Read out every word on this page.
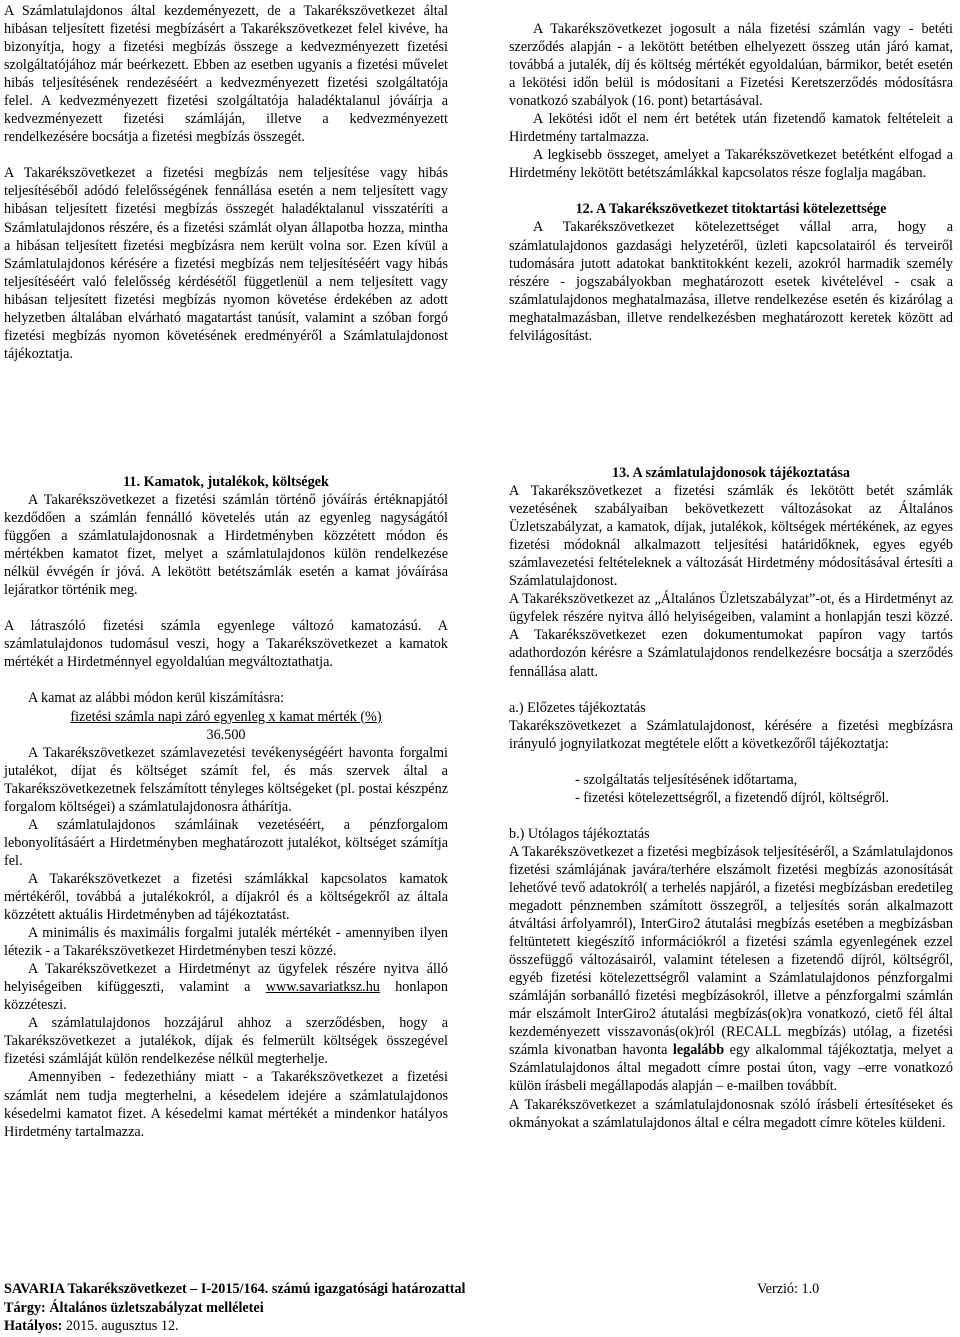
A Számlatulajdonos által kezdeményezett, de a Takarékszövetkezet által hibásan teljesített fizetési megbízásért a Takarékszövetkezet felel kivéve, ha bizonyítja, hogy a fizetési megbízás összege a kedvezményezett fizetési szolgáltatójához már beérkezett. Ebben az esetben ugyanis a fizetési művelet hibás teljesítésének rendezéséért a kedvezményezett fizetési szolgáltatója felel. A kedvezményezett fizetési szolgáltatója haladéktalanul jóváírja a kedvezményezett fizetési számláján, illetve a kedvezményezett rendelkezésére bocsátja a fizetési megbízás összegét.

A Takarékszövetkezet a fizetési megbízás nem teljesítése vagy hibás teljesítéséből adódó felelősségének fennállása esetén a nem teljesített vagy hibásan teljesített fizetési megbízás összegét haladéktalanul visszatéríti a Számlatulajdonos részére, és a fizetési számlát olyan állapotba hozza, mintha a hibásan teljesített fizetési megbízásra nem került volna sor. Ezen kívül a Számlatulajdonos kérésére a fizetési megbízás nem teljesítéséért vagy hibás teljesítéséért való felelősség kérdésétől függetlenül a nem teljesített vagy hibásan teljesített fizetési megbízás nyomon követése érdekében az adott helyzetben általában elvárható magatartást tanúsít, valamint a szóban forgó fizetési megbízás nyomon követésének eredményéről a Számlatulajdonost tájékoztatja.

A Takarékszövetkezet jogosult a nála fizetési számlán vagy - betéti szerződés alapján - a lekötött betétben elhelyezett összeg után járó kamat, továbbá a jutalék, díj és költség mértékét egyoldalúan, bármikor, betét esetén a lekötési időn belül is módosítani a Fizetési Keretszerződés módosításra vonatkozó szabályok (16. pont) betartásával.

A lekötési időt el nem ért betétek után fizetendő kamatok feltételeit a Hirdetmény tartalmazza.

A legkisebb összeget, amelyet a Takarékszövetkezet betétként elfogad a Hirdetmény lekötött betétszámlákkal kapcsolatos része foglalja magában.

12. A Takarékszövetkezet titoktartási kötelezettsége

A Takarékszövetkezet kötelezettséget vállal arra, hogy a számlatulajdonos gazdasági helyzetéről, üzleti kapcsolatairól és terveiről tudomására jutott adatokat banktitokként kezeli, azokról harmadik személy részére - jogszabályokban meghatározott esetek kivételével - csak a számlatulajdonos meghatalmazása, illetve rendelkezése esetén és kizárólag a meghatalmazásban, illetve rendelkezésben meghatározott keretek között ad felvilágosítást.

11. Kamatok, jutalékok, költségek

A Takarékszövetkezet a fizetési számlán történő jóváírás értéknapjától kezdődően a számlán fennálló követelés után az egyenleg nagyságától függően a számlatulajdonosnak a Hirdetményben közzétett módon és mértékben kamatot fizet, melyet a számlatulajdonos külön rendelkezése nélkül évvégén ír jóvá. A lekötött betétszámlák esetén a kamat jóváírása lejáratkor történik meg.

A látraszóló fizetési számla egyenlege változó kamatozású. A számlatulajdonos tudomásul veszi, hogy a Takarékszövetkezet a kamatok mértékét a Hirdetménnyel egyoldalúan megváltoztathatja.

A kamat az alábbi módon kerül kiszámításra:

fizetési számla napi záró egyenleg x kamat mérték (%)

36.500

A Takarékszövetkezet számlavezetési tevékenységéért havonta forgalmi jutalékot, díjat és költséget számít fel, és más szervek által a Takarékszövetkezetnek felszámított tényleges költségeket (pl. postai készpénz forgalom költségei) a számlatulajdonosra áthárítja.

A számlatulajdonos számláinak vezetéséért, a pénzforgalom lebonyolításáért a Hirdetményben meghatározott jutalékot, költséget számítja fel.

A Takarékszövetkezet a fizetési számlákkal kapcsolatos kamatok mértékéről, továbbá a jutalékokról, a díjakról és a költségekről az általa közzétett aktuális Hirdetményben ad tájékoztatást.

A minimális és maximális forgalmi jutalék mértékét - amennyiben ilyen létezik - a Takarékszövetkezet Hirdetményben teszi közzé.

A Takarékszövetkezet a Hirdetményt az ügyfelek részére nyitva álló helyiségeiben kifüggeszti, valamint a www.savariatksz.hu honlapon közzéteszi.

A számlatulajdonos hozzájárul ahhoz a szerződésben, hogy a Takarékszövetkezet a jutalékok, díjak és felmerült költségek összegével fizetési számláját külön rendelkezése nélkül megterhelje.

Amennyiben - fedezethiány miatt - a Takarékszövetkezet a fizetési számlát nem tudja megterhelni, a késedelem idejére a számlatulajdonos késedelmi kamatot fizet. A késedelmi kamat mértékét a mindenkor hatályos Hirdetmény tartalmazza.

13. A számlatulajdonosok tájékoztatása

A Takarékszövetkezet a fizetési számlák és lekötött betét számlák vezetésének szabályaiban bekövetkezett változásokat az Általános Üzletszabályzat, a kamatok, díjak, jutalékok, költségek mértékének, az egyes fizetési módoknál alkalmazott teljesítési határidőknek, egyes egyéb számlavezetési feltételeknek a változását Hirdetmény módosításával értesíti a Számlatulajdonost.

A Takarékszövetkezet az „Általános Üzletszabályzat”-ot, és a Hirdetményt az ügyfelek részére nyitva álló helyiségeiben, valamint a honlapján teszi közzé. A Takarékszövetkezet ezen dokumentumokat papíron vagy tartós adathordozón kérésre a Számlatulajdonos rendelkezésre bocsátja a szerződés fennállása alatt.

a.) Előzetes tájékoztatás

Takarékszövetkezet a Számlatulajdonost, kérésére a fizetési megbízásra irányuló jognyilatkozat megtétele előtt a következőről tájékoztatja:

- szolgáltatás teljesítésének időtartama,

- fizetési kötelezettségről, a fizetendő díjról, költségről.

b.) Utólagos tájékoztatás

A Takarékszövetkezet a fizetési megbízások teljesítéséről, a Számlatulajdonos fizetési számlájának javára/terhére elszámolt fizetési megbízás azonosítását lehetővé tevő adatokról( a terhelés napjáról, a fizetési megbízásban eredetileg megadott pénznemben számított összegről, a teljesítés során alkalmazott átváltási árfolyamról), InterGiro2 átutalási megbízás esetében a megbízásban feltüntetett kiegészítő információkról a fizetési számla egyenlegének ezzel összefüggő változásairól, valamint tételesen a fizetendő díjról, költségről, egyéb fizetési kötelezettségről valamint a Számlatulajdonos pénzforgalmi számláján sorbanálló fizetési megbízásokról, illetve a pénzforgalmi számlán már elszámolt InterGiro2 átutalási megbízás(ok)ra vonatkozó, ciető fél által kezdeményezett visszavonás(ok)ról (RECALL megbízás) utólag, a fizetési számla kivonatban havonta legalább egy alkalommal tájékoztatja, melyet a Számlatulajdonos által megadott címre postai úton, vagy –erre vonatkozó külön írásbeli megállapodás alapján – e-mailben továbbít.

A Takarékszövetkezet a számlatulajdonosnak szóló írásbeli értesítéseket és okmányokat a számlatulajdonos által e célra megadott címre köteles küldeni.

SAVARIA Takarékszövetkezet – I-2015/164. számú igazgatósági határozattal	Verzió: 1.0
Tárgy: Általános üzletszabályzat melléletei
Hatályos: 2015. augusztus 12.
